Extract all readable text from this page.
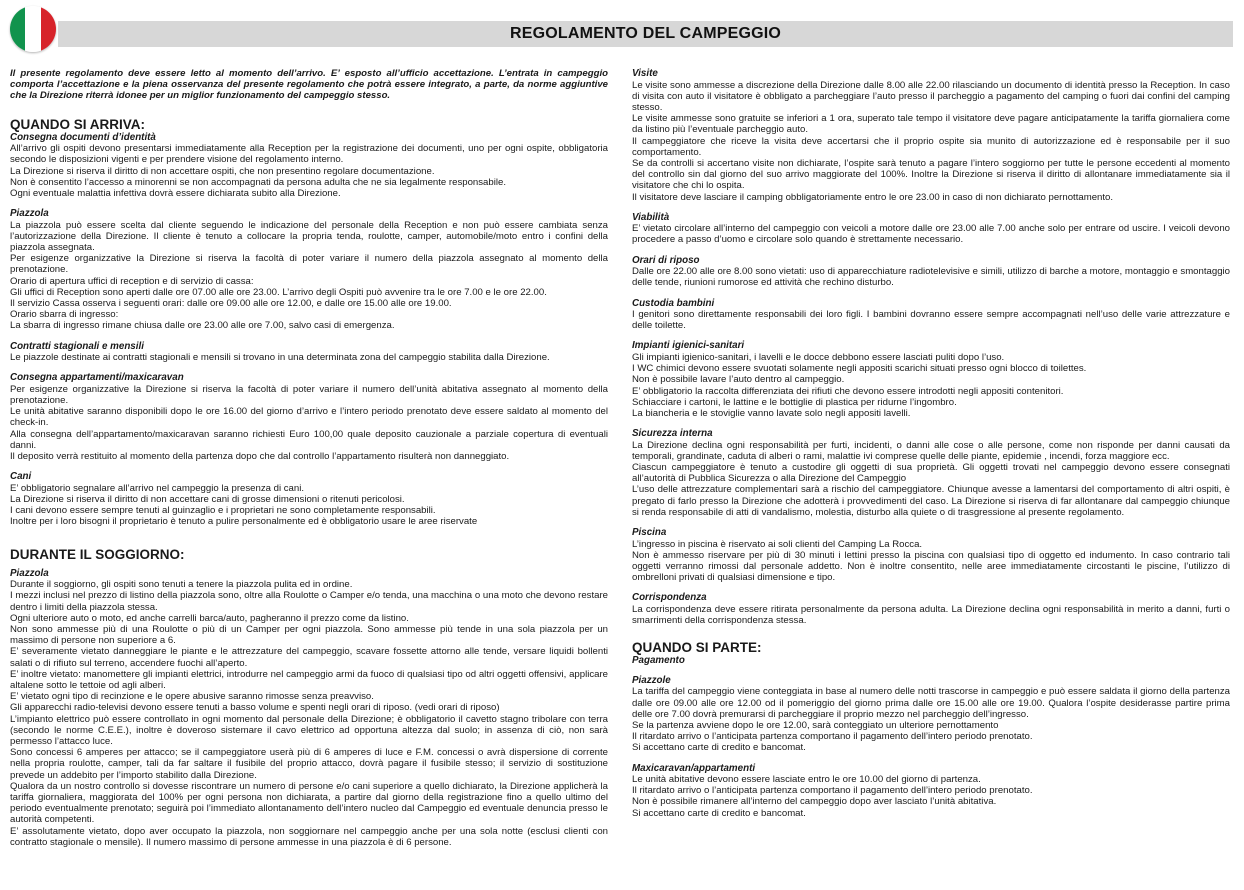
REGOLAMENTO DEL CAMPEGGIO

Il presente regolamento deve essere letto al momento dell’arrivo. E’ esposto all’ufficio accettazione. L’entrata in campeggio comporta l’accettazione e la piena osservanza del presente regolamento che potrà essere integrato, a parte, da norme aggiuntive che la Direzione riterrà idonee per un miglior funzionamento del campeggio stesso.

QUANDO SI ARRIVA:
Consegna documenti d’identità
All’arrivo gli ospiti devono presentarsi immediatamente alla Reception per la registrazione dei documenti, uno per ogni ospite, obbligatoria secondo le disposizioni vigenti e per prendere visione del regolamento interno.
La Direzione si riserva il diritto di non accettare ospiti, che non presentino regolare documentazione.
Non è consentito l’accesso a minorenni se non accompagnati da persona adulta che ne sia legalmente responsabile.
Ogni eventuale malattia infettiva dovrà essere dichiarata subito alla Direzione.
Piazzola
La piazzola può essere scelta dal cliente seguendo le indicazione del personale della Reception e non può essere cambiata senza l’autorizzazione della Direzione. Il cliente è tenuto a collocare la propria tenda, roulotte, camper, automobile/moto entro i confini della piazzola assegnata.
Per esigenze organizzative la Direzione si riserva la facoltà di poter variare il numero della piazzola assegnato al momento della prenotazione.
Orario di apertura uffici di reception e di servizio di cassa:
Gli uffici di Reception sono aperti dalle ore 07.00 alle ore 23.00. L’arrivo degli Ospiti può avvenire tra le ore 7.00 e le ore 22.00.
Il servizio Cassa osserva i seguenti orari: dalle ore 09.00 alle ore 12.00, e dalle ore 15.00 alle ore 19.00.
Orario sbarra di ingresso:
La sbarra di ingresso rimane chiusa dalle ore 23.00 alle ore 7.00, salvo casi di emergenza.
Contratti stagionali e mensili
Le piazzole destinate ai contratti stagionali e mensili si trovano in una determinata zona del campeggio stabilita dalla Direzione.
Consegna appartamenti/maxicaravan
Per esigenze organizzative la Direzione si riserva la facoltà di poter variare il numero dell’unità abitativa assegnato al momento della prenotazione.
Le unità abitative saranno disponibili dopo le ore 16.00 del giorno d’arrivo e l’intero periodo prenotato deve essere saldato al momento del check-in.
Alla consegna dell’appartamento/maxicaravan saranno richiesti Euro 100,00 quale deposito cauzionale a parziale copertura di eventuali danni.
Il deposito verrà restituito al momento della partenza dopo che dal controllo l’appartamento risulterà non danneggiato.
Cani
E’ obbligatorio segnalare all’arrivo nel campeggio la presenza di cani.
La Direzione si riserva il diritto di non accettare cani di grosse dimensioni o ritenuti pericolosi.
I cani devono essere sempre tenuti al guinzaglio e i proprietari ne sono completamente responsabili.
Inoltre per i loro bisogni il proprietario è tenuto a pulire personalmente ed è obbligatorio usare le aree riservate
DURANTE IL SOGGIORNO:
Piazzola
Durante il soggiorno, gli ospiti sono tenuti a tenere la piazzola pulita ed in ordine.
I mezzi inclusi nel prezzo di listino della piazzola sono, oltre alla Roulotte o Camper e/o tenda, una macchina o una moto che devono restare dentro i limiti della piazzola stessa.
Ogni ulteriore auto o moto, ed anche carrelli barca/auto, pagheranno il prezzo come da listino.
Non sono ammesse più di una Roulotte o più di un Camper per ogni piazzola. Sono ammesse più tende in una sola piazzola per un massimo di persone non superiore a 6.
E’ severamente vietato danneggiare le piante e le attrezzature del campeggio, scavare fossette attorno alle tende, versare liquidi bollenti salati o di rifiuto sul terreno, accendere fuochi all’aperto.
E’ inoltre vietato: manomettere gli impianti elettrici, introdurre nel campeggio armi da fuoco di qualsiasi tipo od altri oggetti offensivi, applicare altalene sotto le tettoie od agli alberi.
E’ vietato ogni tipo di recinzione e le opere abusive saranno rimosse senza preavviso.
Gli apparecchi radio-televisi devono essere tenuti a basso volume e spenti negli orari di riposo. (vedi orari di riposo)
L’impianto elettrico può essere controllato in ogni momento dal personale della Direzione; è obbligatorio il cavetto stagno tribolare con terra (secondo le norme C.E.E.), inoltre è doveroso sistemare il cavo elettrico ad opportuna altezza dal suolo; in assenza di ciò, non sarà permesso l’attacco luce.
Sono concessi 6 amperes per attacco; se il campeggiatore userà più di 6 amperes di luce e F.M. concessi o avrà dispersione di corrente nella propria roulotte, camper, tali da far saltare il fusibile del proprio attacco, dovrà pagare il fusibile stesso; il servizio di sostituzione prevede un addebito per l’importo stabilito dalla Direzione.
Qualora da un nostro controllo si dovesse riscontrare un numero di persone e/o cani superiore a quello dichiarato, la Direzione applicherà la tariffa giornaliera, maggiorata del 100% per ogni persona non dichiarata, a partire dal giorno della registrazione fino a quello ultimo del periodo eventualmente prenotato; seguirà poi l’immediato allontanamento dell’intero nucleo dal Campeggio ed eventuale denuncia presso le autorità competenti.
E’ assolutamente vietato, dopo aver occupato la piazzola, non soggiornare nel campeggio anche per una sola notte (esclusi clienti con contratto stagionale o mensile). Il numero massimo di persone ammesse in una piazzola è di 6 persone.
Visite
Le visite sono ammesse a discrezione della Direzione dalle 8.00 alle 22.00 rilasciando un documento di identità presso la Reception. In caso di visita con auto il visitatore è obbligato a parcheggiare l’auto presso il parcheggio a pagamento del camping o fuori dai confini del camping stesso.
Le visite ammesse sono gratuite se inferiori a 1 ora, superato tale tempo il visitatore deve pagare anticipatamente la tariffa giornaliera come da listino più l’eventuale parcheggio auto.
Il campeggiatore che riceve la visita deve accertarsi che il proprio ospite sia munito di autorizzazione ed è responsabile per il suo comportamento.
Se da controlli si accertano visite non dichiarate, l’ospite sarà tenuto a pagare l’intero soggiorno per tutte le persone eccedenti al momento del controllo sin dal giorno del suo arrivo maggiorate del 100%. Inoltre la Direzione si riserva il diritto di allontanare immediatamente sia il visitatore che chi lo ospita.
Il visitatore deve lasciare il camping obbligatoriamente entro le ore 23.00 in caso di non dichiarato pernottamento.
Viabilità
E’ vietato circolare all’interno del campeggio con veicoli a motore dalle ore 23.00 alle 7.00 anche solo per entrare od uscire. I veicoli devono procedere a passo d’uomo e circolare solo quando è strettamente necessario.
Orari di riposo
Dalle ore 22.00 alle ore 8.00 sono vietati: uso di apparecchiature radiotelevisive e simili, utilizzo di barche a motore, montaggio e smontaggio delle tende, riunioni rumorose ed attività che rechino disturbo.
Custodia bambini
I genitori sono direttamente responsabili dei loro figli. I bambini dovranno essere sempre accompagnati nell’uso delle varie attrezzature e delle toilette.
Impianti igienici-sanitari
Gli impianti igienico-sanitari, i lavelli e le docce debbono essere lasciati puliti dopo l’uso.
I WC chimici devono essere svuotati solamente negli appositi scarichi situati presso ogni blocco di toilettes.
Non è possibile lavare l’auto dentro al campeggio.
E’ obbligatorio la raccolta differenziata dei rifiuti che devono essere introdotti negli appositi contenitori.
Schiacciare i cartoni, le lattine e le bottiglie di plastica per ridurne l’ingombro.
La biancheria e le stoviglie vanno lavate solo negli appositi lavelli.
Sicurezza interna
La Direzione declina ogni responsabilità per furti, incidenti, o danni alle cose o alle persone, come non risponde per danni causati da temporali, grandinate, caduta di alberi o rami, malattie ivi comprese quelle delle piante, epidemie , incendi, forza maggiore ecc.
Ciascun campeggiatore è tenuto a custodire gli oggetti di sua proprietà. Gli oggetti trovati nel campeggio devono essere consegnati all’autorità di Pubblica Sicurezza o alla Direzione del Campeggio
L’uso delle attrezzature complementari sarà a rischio del campeggiatore. Chiunque avesse a lamentarsi del comportamento di altri ospiti, è pregato di farlo presso la Direzione che adotterà i provvedimenti del caso. La Direzione si riserva di far allontanare dal campeggio chiunque si renda responsabile di atti di vandalismo, molestia, disturbo alla quiete o di trasgressione al presente regolamento.
Piscina
L’ingresso in piscina è riservato ai soli clienti del Camping La Rocca.
Non è ammesso riservare per più di 30 minuti i lettini presso la piscina con qualsiasi tipo di oggetto ed indumento. In caso contrario tali oggetti verranno rimossi dal personale addetto. Non è inoltre consentito, nelle aree immediatamente circostanti le piscine, l’utilizzo di ombrelloni privati di qualsiasi dimensione e tipo.
Corrispondenza
La corrispondenza deve essere ritirata personalmente da persona adulta. La Direzione declina ogni responsabilità in merito a danni, furti o smarrimenti della corrispondenza stessa.
QUANDO SI PARTE:
Pagamento
Piazzole
La tariffa del campeggio viene conteggiata in base al numero delle notti trascorse in campeggio e può essere saldata il giorno della partenza dalle ore 09.00 alle ore 12.00 od il pomeriggio del giorno prima dalle ore 15.00 alle ore 19.00. Qualora l’ospite desiderasse partire prima delle ore 7.00 dovrà premurarsi di parcheggiare il proprio mezzo nel parcheggio dell’ingresso.
Se la partenza avviene dopo le ore 12.00, sarà conteggiato un ulteriore pernottamento
Il ritardato arrivo o l’anticipata partenza comportano il pagamento dell’intero periodo prenotato.
Si accettano carte di credito e bancomat.
Maxicaravan/appartamenti
Le unità abitative devono essere lasciate entro le ore 10.00 del giorno di partenza.
Il ritardato arrivo o l’anticipata partenza comportano il pagamento dell’intero periodo prenotato.
Non è possibile rimanere all’interno del campeggio dopo aver lasciato l’unità abitativa.
Si accettano carte di credito e bancomat.
